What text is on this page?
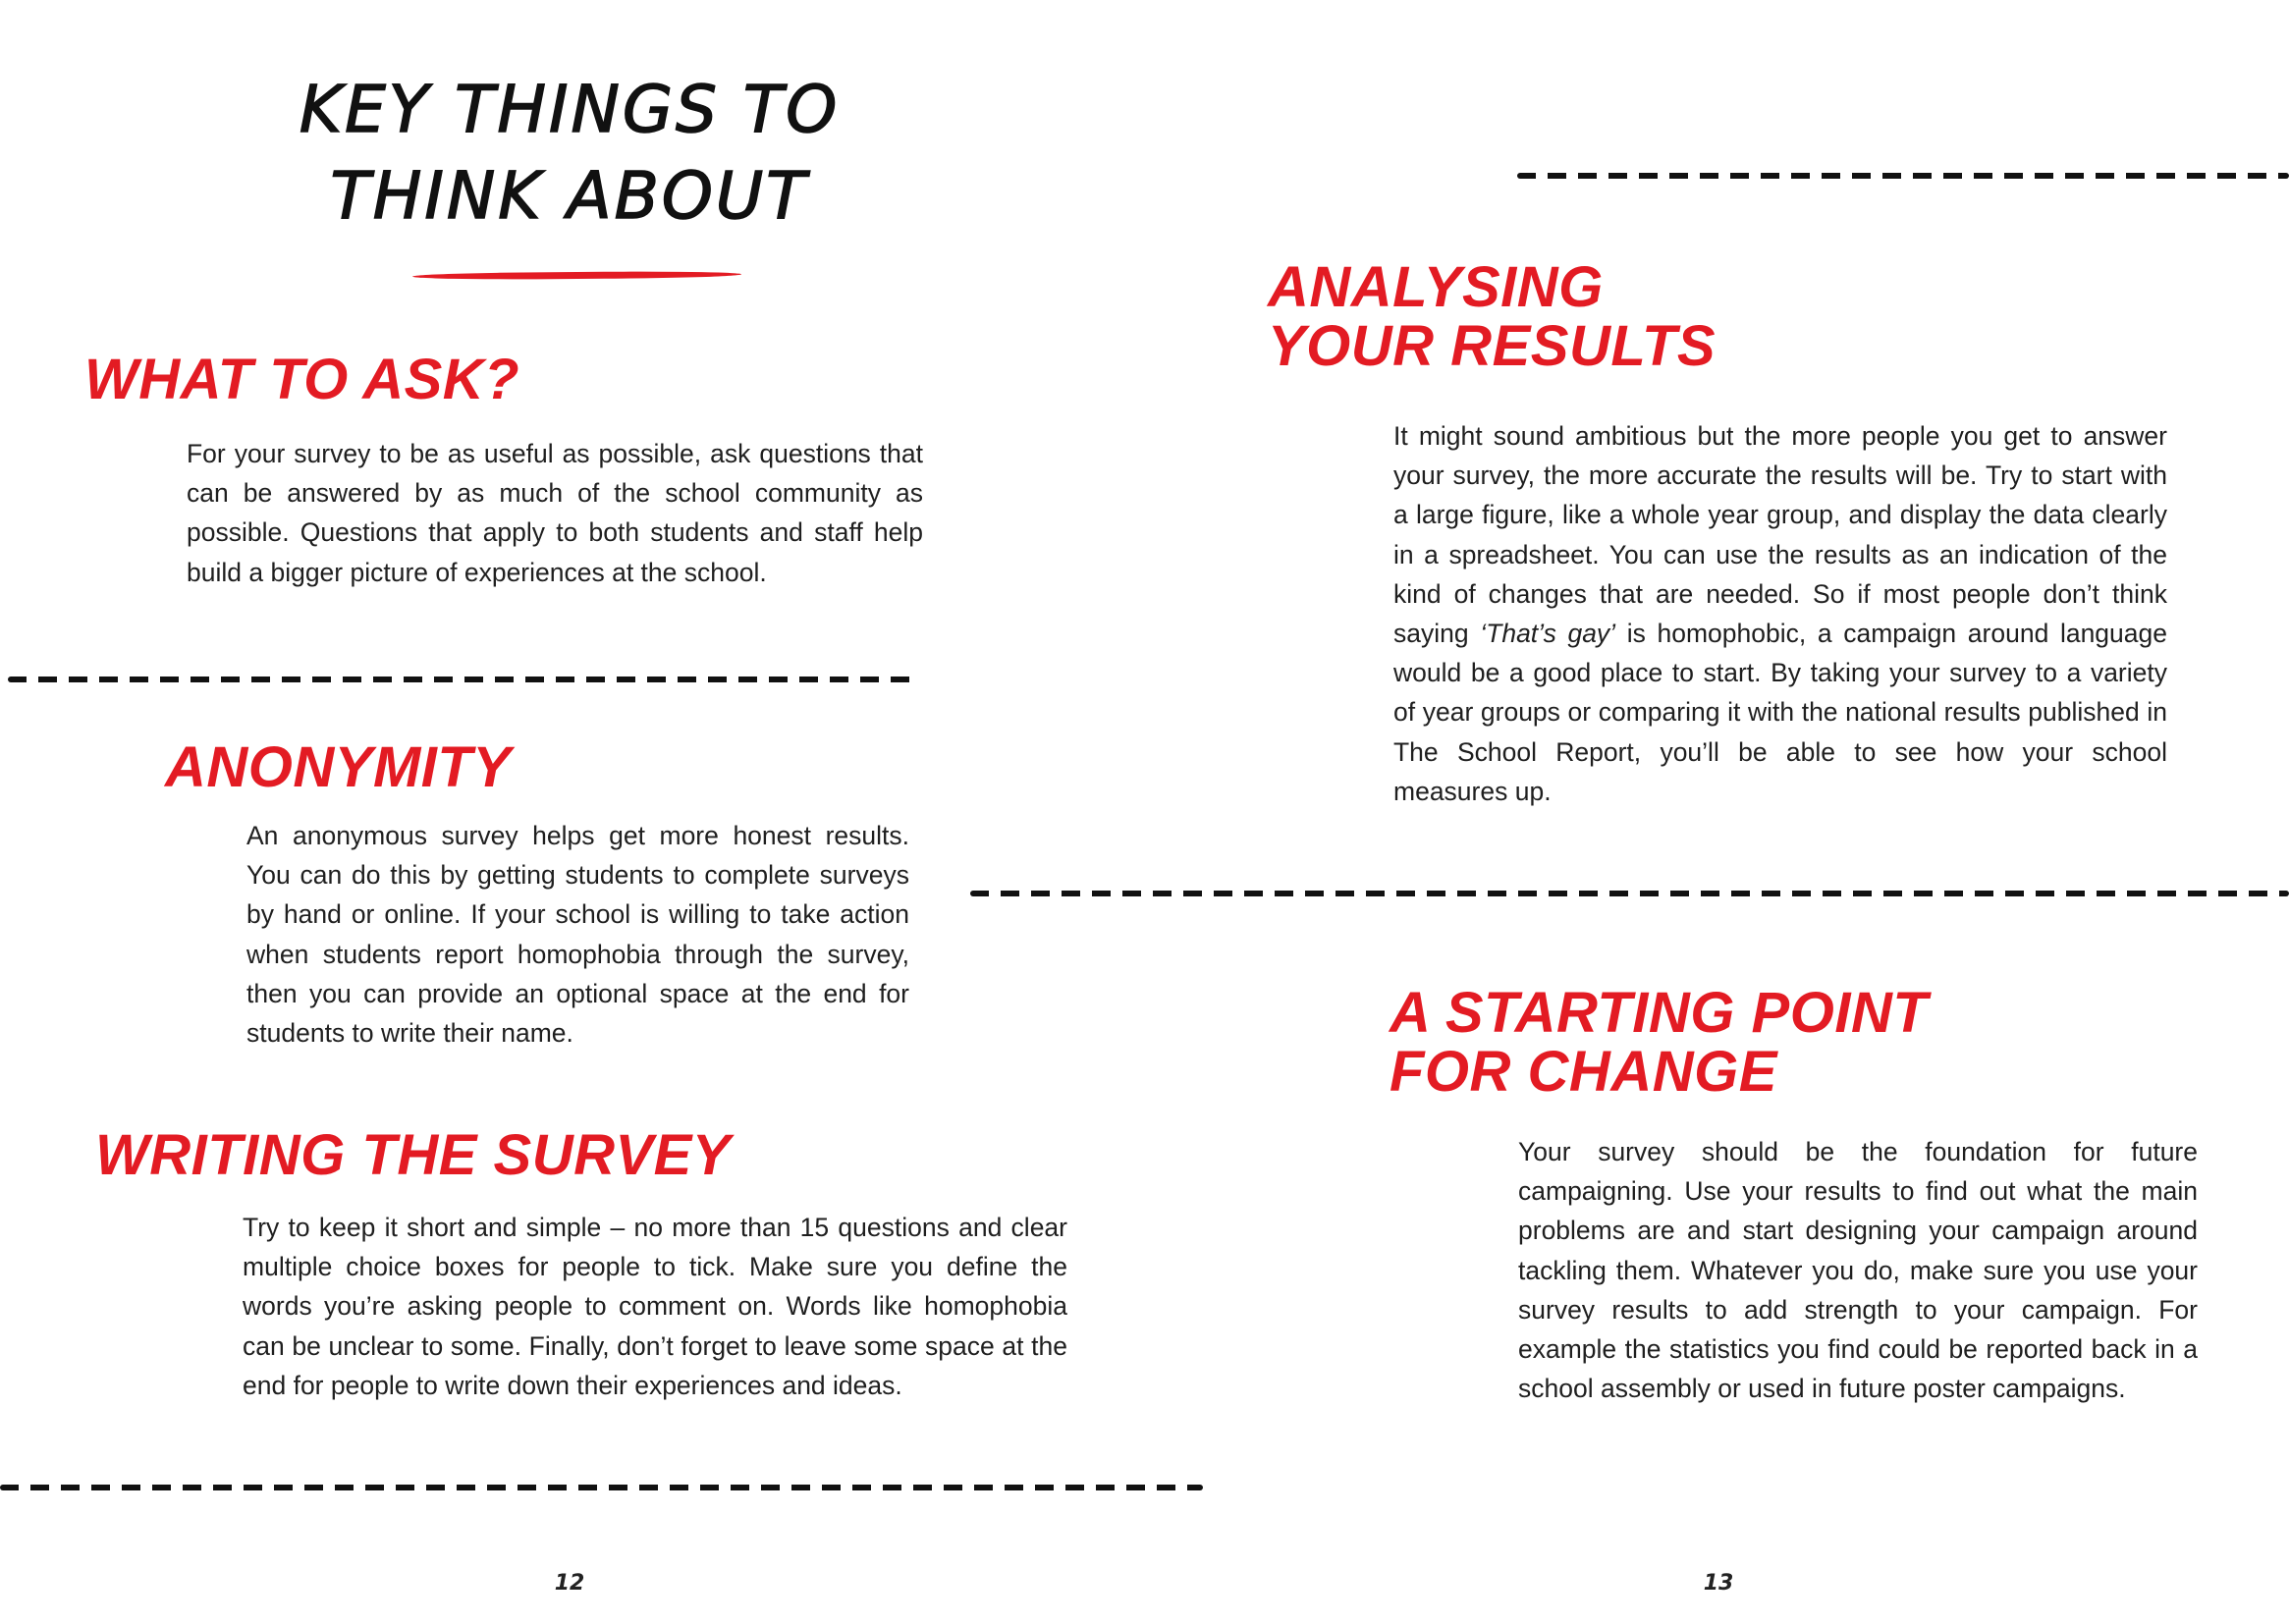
KEY THINGS TO THINK ABOUT
WHAT TO ASK?

For your survey to be as useful as possible, ask questions that can be answered by as much of the school community as possible. Questions that apply to both students and staff help build a bigger picture of experiences at the school.

ANONYMITY

An anonymous survey helps get more honest results. You can do this by getting students to complete surveys by hand or online. If your school is willing to take action when students report homophobia through the survey, then you can provide an optional space at the end for students to write their name.

WRITING THE SURVEY

Try to keep it short and simple – no more than 15 questions and clear multiple choice boxes for people to tick. Make sure you define the words you’re asking people to comment on. Words like homophobia can be unclear to some. Finally, don’t forget to leave some space at the end for people to write down their experiences and ideas.

12
ANALYSING
YOUR RESULTS

It might sound ambitious but the more people you get to answer your survey, the more accurate the results will be. Try to start with a large figure, like a whole year group, and display the data clearly in a spreadsheet. You can use the results as an indication of the kind of changes that are needed. So if most people don’t think saying ‘That’s gay’ is homophobic, a campaign around language would be a good place to start. By taking your survey to a variety of year groups or comparing it with the national results published in The School Report, you’ll be able to see how your school measures up.

A STARTING POINT
FOR CHANGE

Your survey should be the foundation for future campaigning. Use your results to find out what the main problems are and start designing your campaign around tackling them. Whatever you do, make sure you use your survey results to add strength to your campaign. For example the statistics you find could be reported back in a school assembly or used in future poster campaigns.

13
